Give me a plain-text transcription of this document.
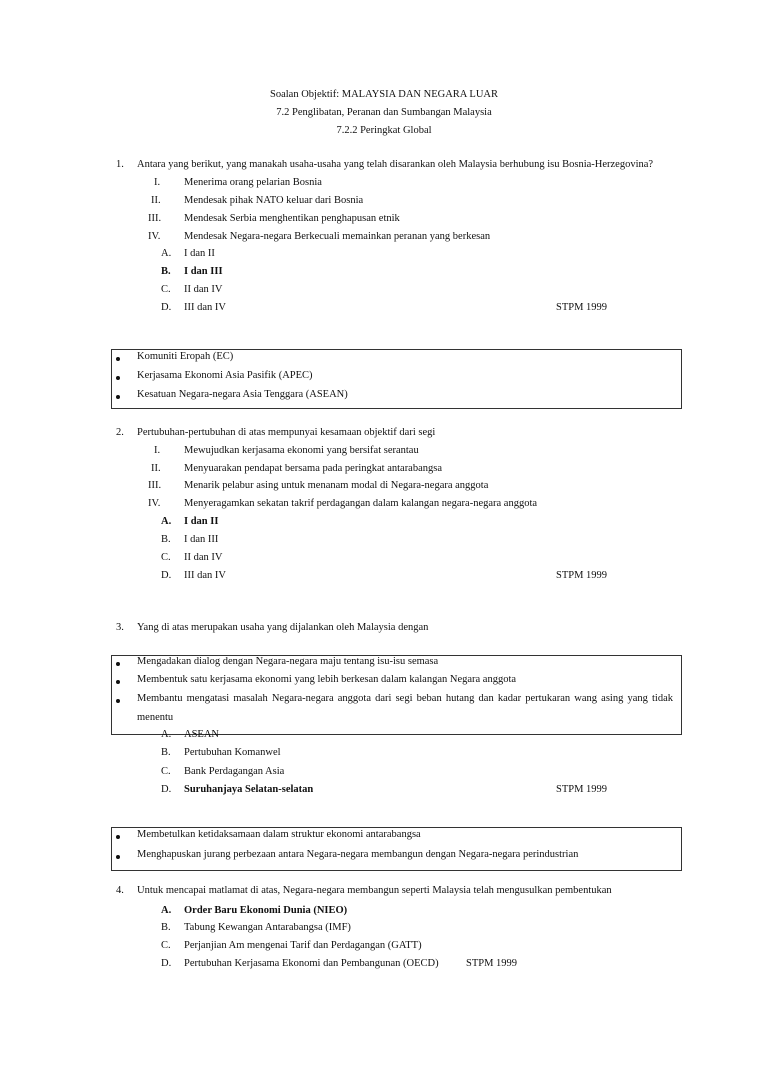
Soalan Objektif: MALAYSIA DAN NEGARA LUAR
7.2 Penglibatan, Peranan dan Sumbangan Malaysia
7.2.2 Peringkat Global
1. Antara yang berikut, yang manakah usaha-usaha yang telah disarankan oleh Malaysia berhubung isu Bosnia-Herzegovina?
I. Menerima orang pelarian Bosnia
II. Mendesak pihak NATO keluar dari Bosnia
III. Mendesak Serbia menghentikan penghapusan etnik
IV. Mendesak Negara-negara Berkecuali memainkan peranan yang berkesan
A. I dan II
B. I dan III
C. II dan IV
D. III dan IV	STPM 1999
Komuniti Eropah (EC)
Kerjasama Ekonomi Asia Pasifik (APEC)
Kesatuan Negara-negara Asia Tenggara (ASEAN)
2. Pertubuhan-pertubuhan di atas mempunyai kesamaan objektif dari segi
I. Mewujudkan kerjasama ekonomi yang bersifat serantau
II. Menyuarakan pendapat bersama pada peringkat antarabangsa
III. Menarik pelabur asing untuk menanam modal di Negara-negara anggota
IV. Menyeragamkan sekatan takrif perdagangan dalam kalangan negara-negara anggota
A. I dan II
B. I dan III
C. II dan IV
D. III dan IV	STPM 1999
3. Yang di atas merupakan usaha yang dijalankan oleh Malaysia dengan
Mengadakan dialog dengan Negara-negara maju tentang isu-isu semasa
Membentuk satu kerjasama ekonomi yang lebih berkesan dalam kalangan Negara anggota
Membantu mengatasi masalah Negara-negara anggota dari segi beban hutang dan kadar pertukaran wang asing yang tidak
menentu
A. ASEAN
B. Pertubuhan Komanwel
C. Bank Perdagangan Asia
D. Suruhanjaya Selatan-selatan	STPM 1999
Membetulkan ketidaksamaan dalam struktur ekonomi antarabangsa
Menghapuskan jurang perbezaan antara Negara-negara membangun dengan Negara-negara perindustrian
4. Untuk mencapai matlamat di atas, Negara-negara membangun seperti Malaysia telah mengusulkan pembentukan
A. Order Baru Ekonomi Dunia (NIEO)
B. Tabung Kewangan Antarabangsa (IMF)
C. Perjanjian Am mengenai Tarif dan Perdagangan (GATT)
D. Pertubuhan Kerjasama Ekonomi dan Pembangunan (OECD)	STPM 1999
